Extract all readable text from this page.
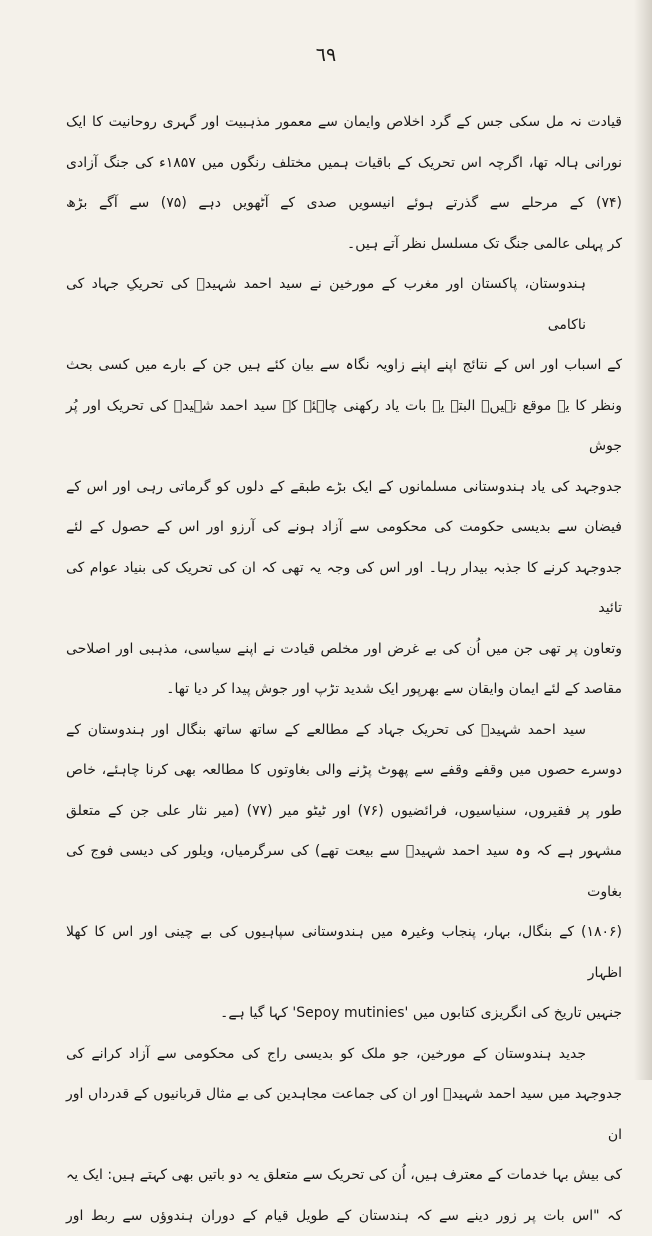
٦٩
قیادت نہ مل سکی جس کے گرد اخلاص وایمان سے معمور مذہبیت اور گہری روحانیت کا ایک
نورانی ہالہ تھا، اگرچہ اس تحریک کے باقیات ہمیں مختلف رنگوں میں ۱۸۵۷ء کی جنگ آزادی
(۷۴) کے مرحلے سے گذرتے ہوئے انیسویں صدی کے آٹھویں دہے (۷۵) سے آگے بڑھ
کر پہلی عالمی جنگ تک مسلسل نظر آتے ہیں۔
ہندوستان، پاکستان اور مغرب کے مورخین نے سید احمد شہیدؒ کی تحریکِ جہاد کی ناکامی
کے اسباب اور اس کے نتائج اپنے اپنے زاویہ نگاہ سے بیان کئے ہیں جن کے بارے میں کسی بحث
ونظر کا یہ موقع نہیں۔ البتہ یہ بات یاد رکھنی چاہئے کہ سید احمد شہیدؒ کی تحریک اور پُر جوش
جدوجہد کی یاد ہندوستانی مسلمانوں کے ایک بڑے طبقے کے دلوں کو گرماتی رہی اور اس کے
فیضان سے بدیسی حکومت کی محکومی سے آزاد ہونے کی آرزو اور اس کے حصول کے لئے
جدوجہد کرنے کا جذبہ بیدار رہا۔ اور اس کی وجہ یہ تھی کہ ان کی تحریک کی بنیاد عوام کی تائید
وتعاون پر تھی جن میں اُن کی بے غرض اور مخلص قیادت نے اپنے سیاسی، مذہبی اور اصلاحی
مقاصد کے لئے ایمان وایقان سے بھرپور ایک شدید تڑپ اور جوش پیدا کر دیا تھا۔
سید احمد شہیدؒ کی تحریک جہاد کے مطالعے کے ساتھ ساتھ بنگال اور ہندوستان کے
دوسرے حصوں میں وقفے وقفے سے پھوٹ پڑنے والی بغاوتوں کا مطالعہ بھی کرنا چاہئے، خاص
طور پر فقیروں، سنیاسیوں، فرائضیوں (۷۶) اور ٹیٹو میر (۷۷) (میر نثار علی جن کے متعلق
مشہور ہے کہ وہ سید احمد شہیدؒ سے بیعت تھے) کی سرگرمیاں، ویلور کی دیسی فوج کی بغاوت
(۱۸۰۶) کے بنگال، بہار، پنجاب وغیرہ میں ہندوستانی سپاہیوں کی بے چینی اور اس کا کھلا اظہار
جنہیں تاریخ کی انگریزی کتابوں میں 'Sepoy mutinies' کہا گیا ہے۔
جدید ہندوستان کے مورخین، جو ملک کو بدیسی راج کی محکومی سے آزاد کرانے کی
جدوجہد میں سید احمد شہیدؒ اور ان کی جماعت مجاہدین کی بے مثال قربانیوں کے قدرداں اور ان
کی بیش بہا خدمات کے معترف ہیں، اُن کی تحریک سے متعلق یہ دو باتیں بھی کہتے ہیں: ایک یہ
کہ "اس بات پر زور دینے سے کہ ہندستان کے طویل قیام کے دوران ہندوؤں سے ربط اور
